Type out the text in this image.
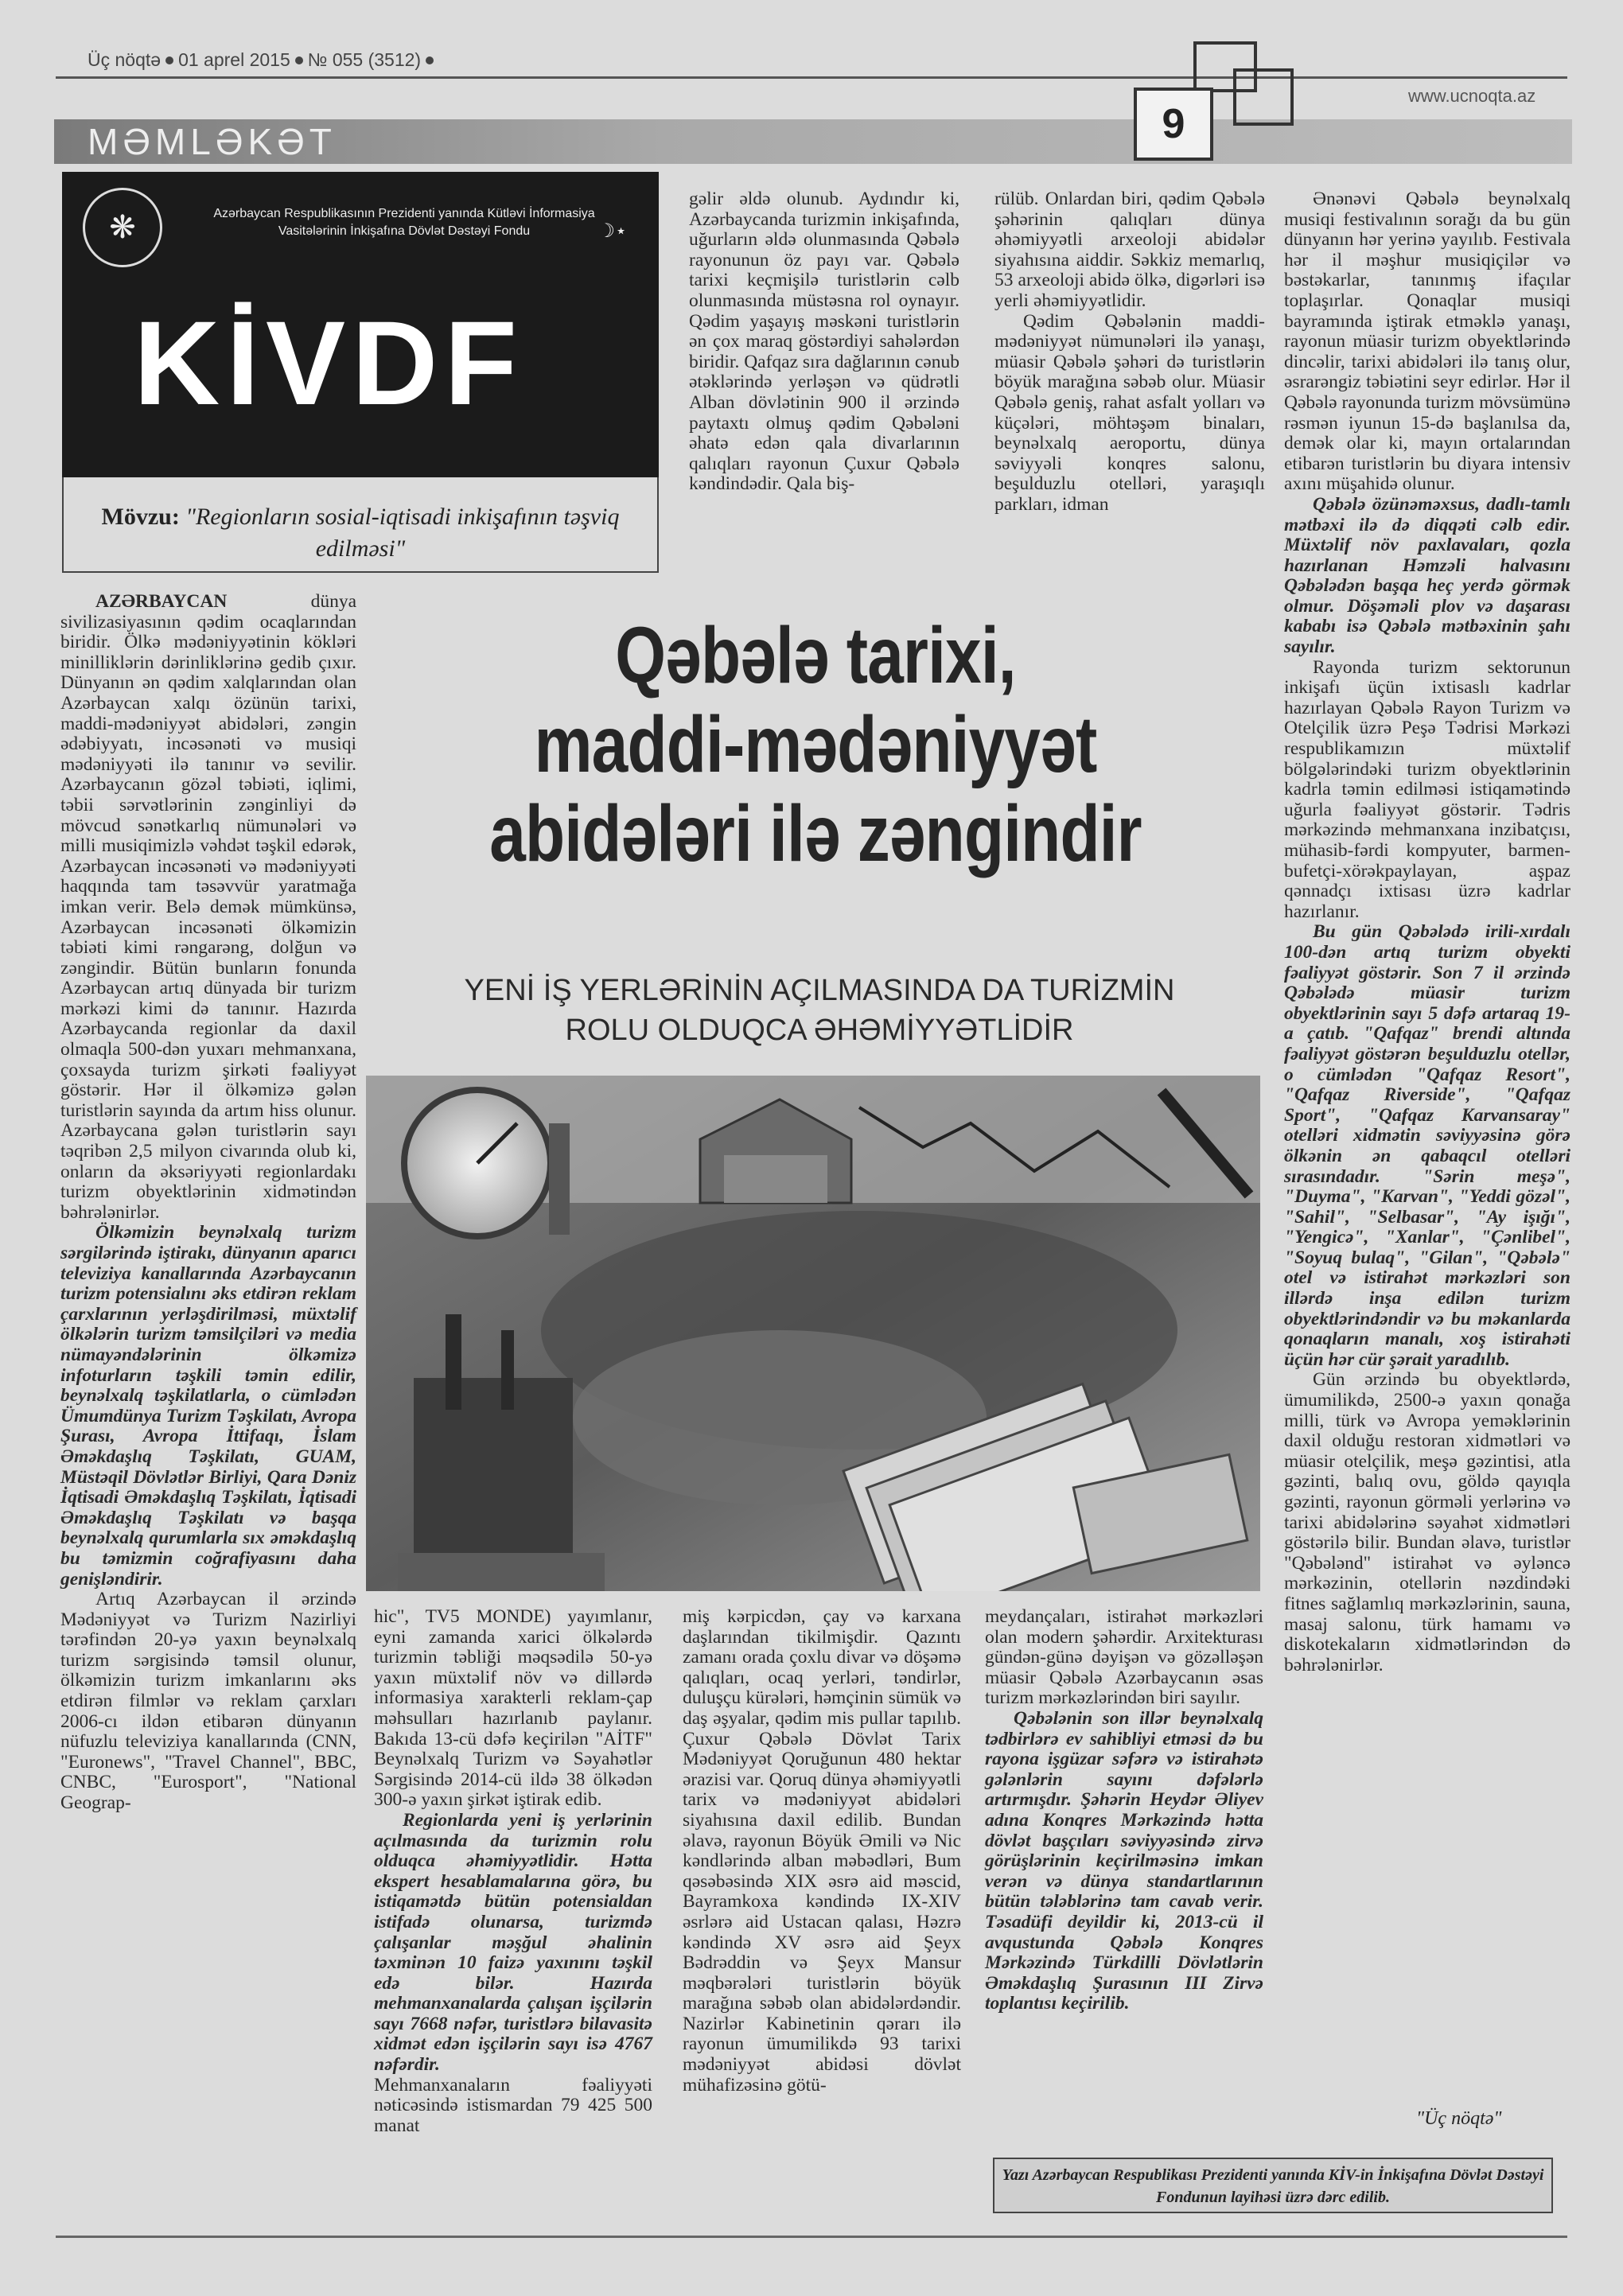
Üç nöqtə 01 aprel 2015 № 055 (3512)
www.ucnoqta.az
MƏMLƏKƏT	9
❋	Azərbaycan Respublikasının Prezidenti yanında Kütləvi İnformasiya Vasitələrinin İnkişafına Dövlət Dəstəyi Fondu	☽⋆
KİVDF
Mövzu: "Regionların sosial-iqtisadi inkişafının təşviq edilməsi"

AZƏRBAYCAN	dünya sivilizasiyasının qədim ocaqlarından biridir. Ölkə mədəniyyətinin kökləri minilliklərin dərinliklərinə gedib çıxır. Dünyanın ən qədim xalqlarından olan Azərbaycan xalqı özünün tarixi, maddi-mədəniyyət abidələri, zəngin ədəbiyyatı, incəsənəti və musiqi mədəniyyəti ilə tanınır və sevilir. Azərbaycanın gözəl təbiəti, iqlimi, təbii sərvətlərinin zənginliyi də mövcud sənətkarlıq nümunələri və milli musiqimizlə vəhdət təşkil edərək, Azərbaycan incəsənəti və mədəniyyəti haqqında tam təsəvvür yaratmağa imkan verir. Belə demək mümkünsə, Azərbaycan incəsənəti ölkəmizin təbiəti kimi rəngarəng, dolğun və zəngindir. Bütün bunların fonunda Azərbaycan artıq dünyada bir turizm mərkəzi kimi də tanınır. Hazırda Azərbaycanda regionlar da daxil olmaqla 500-dən yuxarı mehmanxana, çoxsayda turizm şirkəti fəaliyyət göstərir. Hər il ölkəmizə gələn turistlərin sayında da artım hiss olunur. Azərbaycana gələn turistlərin sayı təqribən 2,5 milyon civarında olub ki, onların da əksəriyyəti regionlardakı turizm obyektlərinin xidmətindən bəhrələnirlər.

Ölkəmizin beynəlxalq turizm sərgilərində iştirakı, dünyanın aparıcı televiziya kanallarında Azərbaycanın turizm potensialını əks etdirən reklam çarxlarının yerləşdirilməsi, müxtəlif ölkələrin turizm təmsilçiləri və media nümayəndələrinin ölkəmizə infoturların təşkili təmin edilir, beynəlxalq təşkilatlarla, o cümlədən Ümumdünya Turizm Təşkilatı, Avropa Şurası, Avropa İttifaqı, İslam Əməkdaşlıq Təşkilatı, GUAM, Müstəqil Dövlətlər Birliyi, Qara Dəniz İqtisadi Əməkdaşlıq Təşkilatı, İqtisadi Əməkdaşlıq Təşkilatı və başqa beynəlxalq qurumlarla sıx əməkdaşlıq bu təmizmin coğrafiyasını daha genişləndirir.

Artıq Azərbaycan il ərzində Mədəniyyət və Turizm Nazirliyi tərəfindən 20-yə yaxın beynəlxalq turizm sərgisində təmsil olunur, ölkəmizin turizm imkanlarını əks etdirən filmlər və reklam çarxları 2006-cı ildən etibarən dünyanın nüfuzlu televiziya kanallarında (CNN, "Euronews", "Travel Channel", BBC, CNBC, "Eurosport", "National Geograp-

gəlir əldə olunub. Aydındır ki, Azərbaycanda turizmin inkişafında, uğurların əldə olunmasında Qəbələ rayonunun öz payı var. Qəbələ tarixi keçmişilə turistlərin cəlb olunmasında müstəsna rol oynayır. Qədim yaşayış məskəni turistlərin ən çox maraq göstərdiyi sahələrdən biridir. Qafqaz sıra dağlarının cənub ətəklərində yerləşən və qüdrətli Alban dövlətinin 900 il ərzində paytaxtı olmuş qədim Qəbələni əhatə edən qala divarlarının qalıqları rayonun Çuxur Qəbələ kəndindədir. Qala biş-

rülüb. Onlardan biri, qədim Qəbələ şəhərinin qalıqları dünya əhəmiyyətli arxeoloji abidələr siyahısına aiddir. Səkkiz memarlıq, 53 arxeoloji abidə ölkə, digərləri isə yerli əhəmiyyətlidir.

Qədim Qəbələnin maddi-mədəniyyət nümunələri ilə yanaşı, müasir Qəbələ şəhəri də turistlərin böyük marağına səbəb olur. Müasir Qəbələ geniş, rahat asfalt yolları və küçələri, möhtəşəm binaları, beynəlxalq aeroportu, dünya səviyyəli konqres salonu, beşulduzlu otelləri, yaraşıqlı parkları, idman

Ənənəvi Qəbələ beynəlxalq musiqi festivalının sorağı da bu gün dünyanın hər yerinə yayılıb. Festivala hər il məşhur musiqiçilər və bəstəkarlar, tanınmış ifaçılar toplaşırlar. Qonaqlar musiqi bayramında iştirak etməklə yanaşı, rayonun müasir turizm obyektlərində dincəlir, tarixi abidələri ilə tanış olur, əsrarəngiz təbiətini seyr edirlər. Hər il Qəbələ rayonunda turizm mövsümünə rəsmən iyunun 15-də başlanılsa da, demək olar ki, mayın ortalarından etibarən turistlərin bu diyara intensiv axını müşahidə olunur.

Qəbələ özünəməxsus, dadlı-tamlı mətbəxi ilə də diqqəti cəlb edir. Müxtəlif növ paxlavaları, qozla hazırlanan Həmzəli halvasını Qəbələdən başqa heç yerdə görmək olmur. Döşəməli plov və daşarası kababı isə Qəbələ mətbəxinin şahı sayılır.

Rayonda turizm sektorunun inkişafı üçün ixtisaslı kadrlar hazırlayan Qəbələ Rayon Turizm və Otelçilik üzrə Peşə Tədrisi Mərkəzi respublikamızın müxtəlif bölgələrindəki turizm obyektlərinin kadrla təmin edilməsi istiqamətində uğurla fəaliyyət göstərir. Tədris mərkəzində mehmanxana inzibatçısı, mühasib-fərdi kompyuter, barmen-bufetçi-xörəkpaylayan, aşpaz qənnadçı ixtisası üzrə kadrlar hazırlanır.

Bu gün Qəbələdə irili-xırdalı 100-dən artıq turizm obyekti fəaliyyət göstərir. Son 7 il ərzində Qəbələdə müasir turizm obyektlərinin sayı 5 dəfə artaraq 19-a çatıb. "Qafqaz" brendi altında fəaliyyət göstərən beşulduzlu otellər, o cümlədən "Qafqaz Resort", "Qafqaz Riverside", "Qafqaz Sport", "Qafqaz Karvansaray" otelləri xidmətin səviyyəsinə görə ölkənin ən qabaqcıl otelləri sırasındadır. "Sərin meşə", "Duyma", "Karvan", "Yeddi gözəl", "Sahil", "Selbasar", "Ay işığı", "Yengicə", "Xanlar", "Çənlibel", "Soyuq bulaq", "Gilan", "Qəbələ" otel və istirahət mərkəzləri son illərdə inşa edilən turizm obyektlərindəndir və bu məkanlarda qonaqların manalı, xoş istirahəti üçün hər cür şərait yaradılıb.

Gün ərzində bu obyektlərdə, ümumilikdə, 2500-ə yaxın qonağa milli, türk və Avropa yeməklərinin daxil olduğu restoran xidmətləri və müasir otelçilik, meşə gəzintisi, atla gəzinti, balıq ovu, göldə qayıqla gəzinti, rayonun görməli yerlərinə və tarixi abidələrinə səyahət xidmətləri göstərilə bilir. Bundan əlavə, turistlər "Qəbələnd" istirahət və əyləncə mərkəzinin, otellərin nəzdindəki fitnes sağlamlıq mərkəzlərinin, sauna, masaj salonu, türk hamamı və diskotekaların xidmətlərindən də bəhrələnirlər.

Qəbələ tarixi,
maddi-mədəniyyət
abidələri ilə zəngindir
YENİ İŞ YERLƏRİNİN AÇILMASINDA DA TURİZMİN
ROLU OLDUQCA ƏHƏMİYYƏTLİDİR

hic", TV5 MONDE) yayımlanır, eyni zamanda xarici ölkələrdə turizmin təbliği məqsədilə 50-yə yaxın müxtəlif növ və dillərdə informasiya xarakterli reklam-çap məhsulları hazırlanıb paylanır. Bakıda 13-cü dəfə keçirilən "AİTF" Beynəlxalq Turizm və Səyahətlər Sərgisində 2014-cü ildə 38 ölkədən 300-ə yaxın şirkət iştirak edib.

Regionlarda yeni iş yerlərinin açılmasında da turizmin rolu olduqca əhəmiyyətlidir. Hətta ekspert hesablamalarına görə, bu istiqamətdə bütün potensialdan istifadə olunarsa, turizmdə çalışanlar məşğul əhalinin təxminən 10 faizə yaxınını təşkil edə bilər. Hazırda mehmanxanalarda çalışan işçilərin sayı 7668 nəfər, turistlərə bilavasitə xidmət edən işçilərin sayı isə 4767 nəfərdir.

Mehmanxanaların fəaliyyəti nəticəsində istismardan 79 425 500 manat

miş kərpicdən, çay və karxana daşlarından tikilmişdir. Qazıntı zamanı orada çoxlu divar və döşəmə qalıqları, ocaq yerləri, təndirlər, duluşçu kürələri, həmçinin sümük və daş əşyalar, qədim mis pullar tapılıb. Çuxur Qəbələ Dövlət Tarix Mədəniyyət Qoruğunun 480 hektar ərazisi var. Qoruq dünya əhəmiyyətli tarix və mədəniyyət abidələri siyahısına daxil edilib. Bundan əlavə, rayonun Böyük Əmili və Nic kəndlərində alban məbədləri, Bum qəsəbəsində XIX əsrə aid məscid, Bayramkoxa kəndində IX-XIV əsrlərə aid Ustacan qalası, Həzrə kəndində XV əsrə aid Şeyx Bədrəddin və Şeyx Mansur məqbərələri turistlərin böyük marağına səbəb olan abidələrdəndir. Nazirlər Kabinetinin qərarı ilə rayonun ümumilikdə 93 tarixi mədəniyyət abidəsi dövlət mühafizəsinə götü-

meydançaları, istirahət mərkəzləri olan modern şəhərdir. Arxitekturası gündən-günə dəyişən və gözəlləşən müasir Qəbələ Azərbaycanın əsas turizm mərkəzlərindən biri sayılır.

Qəbələnin son illər beynəlxalq tədbirlərə ev sahibliyi etməsi də bu rayona işgüzar səfərə və istirahətə gələnlərin sayını dəfələrlə artırmışdır. Şəhərin Heydər Əliyev adına Konqres Mərkəzində hətta dövlət başçıları səviyyəsində zirvə görüşlərinin keçirilməsinə imkan verən və dünya standartlarının bütün tələblərinə tam cavab verir. Təsadüfi deyildir ki, 2013-cü il avqustunda Qəbələ Konqres Mərkəzində Türkdilli Dövlətlərin Əməkdaşlıq Şurasının III Zirvə toplantısı keçirilib.

"Üç nöqtə"
Yazı Azərbaycan Respublikası Prezidenti yanında KİV-in İnkişafına Dövlət Dəstəyi Fondunun layihəsi üzrə dərc edilib.
